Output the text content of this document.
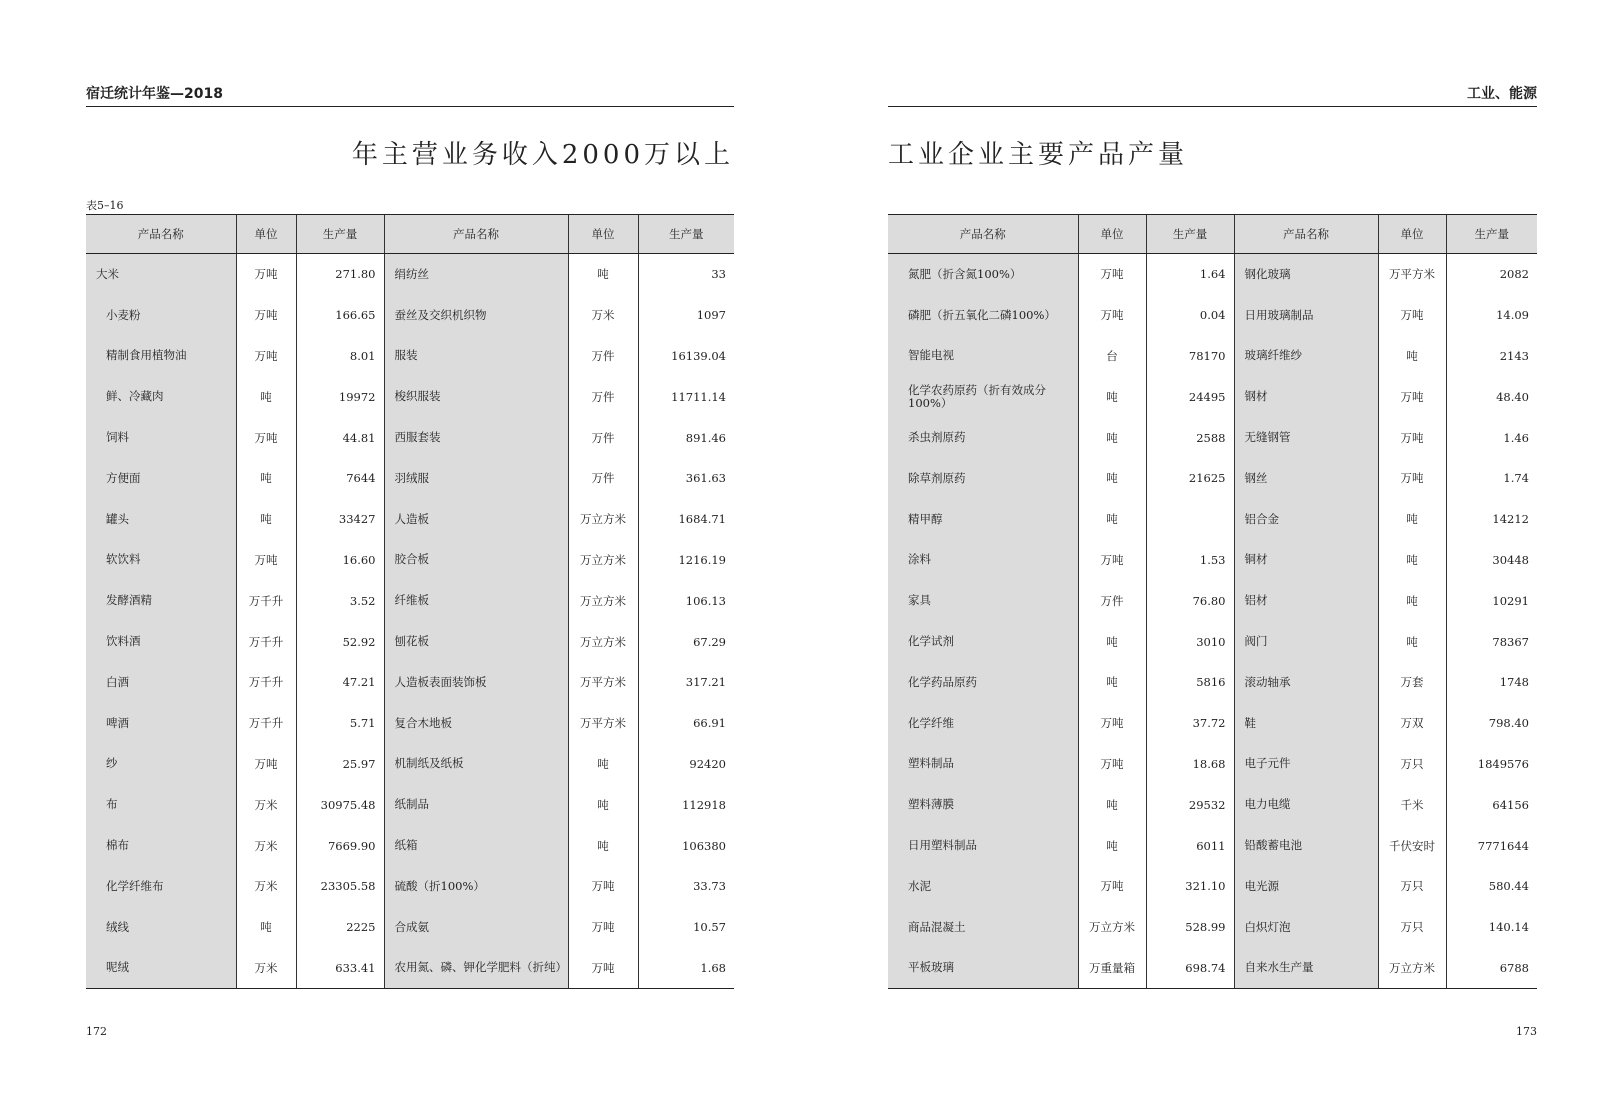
宿迁统计年鉴—2018
年主营业务收入2000万以上
表5–16
产品名称	单位	生产量	产品名称	单位	生产量
大米	万吨	271.80	绢纺丝	吨	33
小麦粉	万吨	166.65	蚕丝及交织机织物	万米	1097
精制食用植物油	万吨	8.01	服装	万件	16139.04
鲜、冷藏肉	吨	19972	梭织服装	万件	11711.14
饲料	万吨	44.81	西服套装	万件	891.46
方便面	吨	7644	羽绒服	万件	361.63
罐头	吨	33427	人造板	万立方米	1684.71
软饮料	万吨	16.60	胶合板	万立方米	1216.19
发酵酒精	万千升	3.52	纤维板	万立方米	106.13
饮料酒	万千升	52.92	刨花板	万立方米	67.29
白酒	万千升	47.21	人造板表面装饰板	万平方米	317.21
啤酒	万千升	5.71	复合木地板	万平方米	66.91
纱	万吨	25.97	机制纸及纸板	吨	92420
布	万米	30975.48	纸制品	吨	112918
棉布	万米	7669.90	纸箱	吨	106380
化学纤维布	万米	23305.58	硫酸（折100%）	万吨	33.73
绒线	吨	2225	合成氨	万吨	10.57
呢绒	万米	633.41	农用氮、磷、钾化学肥料（折纯）	万吨	1.68
172
工业、能源
工业企业主要产品产量
产品名称	单位	生产量	产品名称	单位	生产量
氮肥（折含氮100%）	万吨	1.64	钢化玻璃	万平方米	2082
磷肥（折五氧化二磷100%）	万吨	0.04	日用玻璃制品	万吨	14.09
智能电视	台	78170	玻璃纤维纱	吨	2143
化学农药原药（折有效成分100%）	吨	24495	钢材	万吨	48.40
杀虫剂原药	吨	2588	无缝钢管	万吨	1.46
除草剂原药	吨	21625	钢丝	万吨	1.74
精甲醇	吨		铝合金	吨	14212
涂料	万吨	1.53	铜材	吨	30448
家具	万件	76.80	铝材	吨	10291
化学试剂	吨	3010	阀门	吨	78367
化学药品原药	吨	5816	滚动轴承	万套	1748
化学纤维	万吨	37.72	鞋	万双	798.40
塑料制品	万吨	18.68	电子元件	万只	1849576
塑料薄膜	吨	29532	电力电缆	千米	64156
日用塑料制品	吨	6011	铅酸蓄电池	千伏安时	7771644
水泥	万吨	321.10	电光源	万只	580.44
商品混凝土	万立方米	528.99	白炽灯泡	万只	140.14
平板玻璃	万重量箱	698.74	自来水生产量	万立方米	6788
173
